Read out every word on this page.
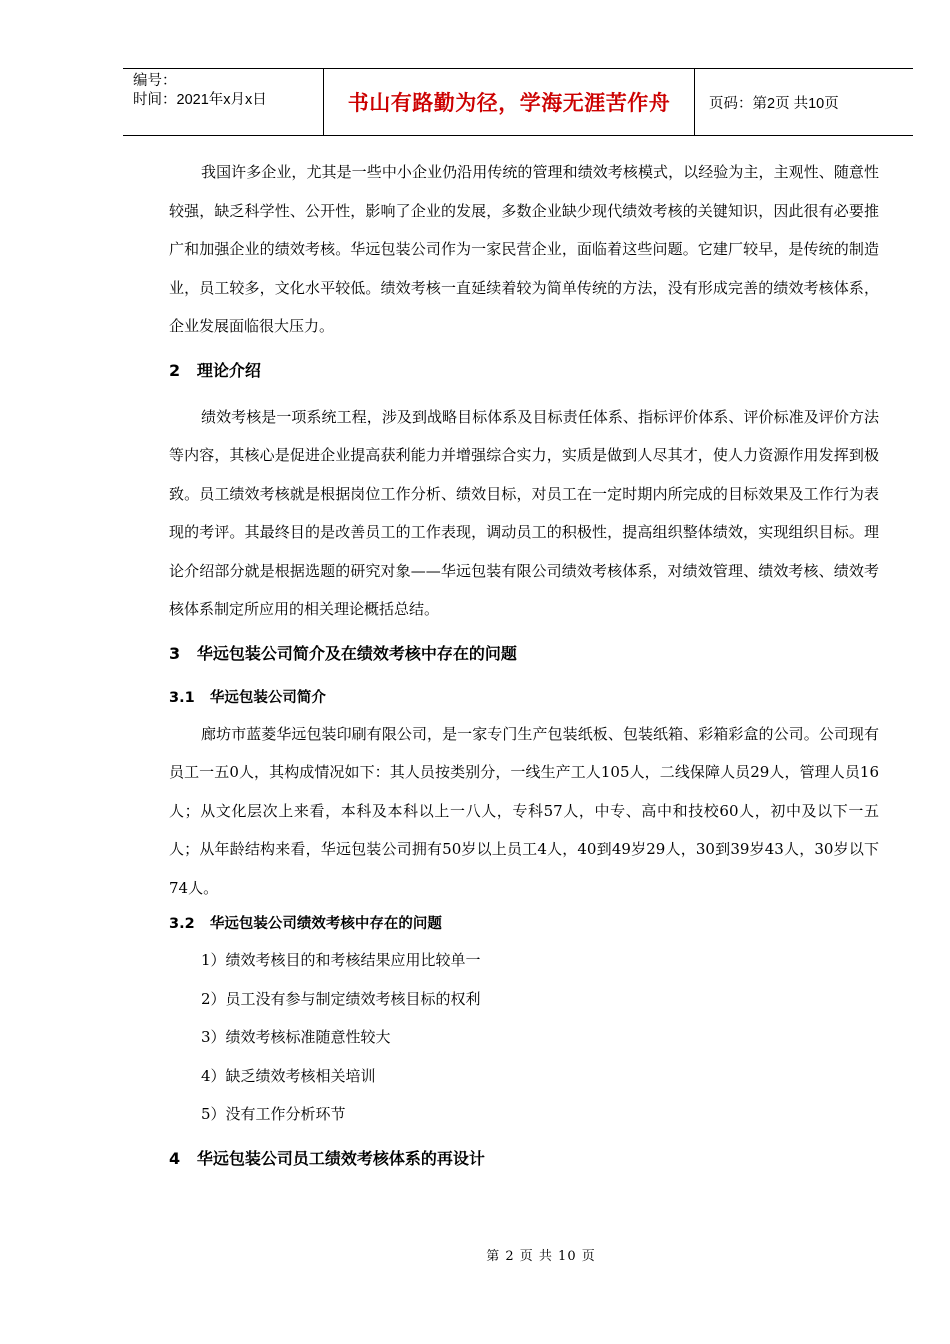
编号：
时间：2021年x月x日	书山有路勤为径，学海无涯苦作舟	页码：第2页 共10页

我国许多企业，尤其是一些中小企业仍沿用传统的管理和绩效考核模式，以经验为主，主观性、随意性较强，缺乏科学性、公开性，影响了企业的发展，多数企业缺少现代绩效考核的关键知识，因此很有必要推广和加强企业的绩效考核。华远包装公司作为一家民营企业，面临着这些问题。它建厂较早，是传统的制造业，员工较多，文化水平较低。绩效考核一直延续着较为简单传统的方法，没有形成完善的绩效考核体系，企业发展面临很大压力。

2   理论介绍

绩效考核是一项系统工程，涉及到战略目标体系及目标责任体系、指标评价体系、评价标准及评价方法等内容，其核心是促进企业提高获利能力并增强综合实力，实质是做到人尽其才，使人力资源作用发挥到极致。员工绩效考核就是根据岗位工作分析、绩效目标，对员工在一定时期内所完成的目标效果及工作行为表现的考评。其最终目的是改善员工的工作表现，调动员工的积极性，提高组织整体绩效，实现组织目标。理论介绍部分就是根据选题的研究对象——华远包装有限公司绩效考核体系，对绩效管理、绩效考核、绩效考核体系制定所应用的相关理论概括总结。

3   华远包装公司简介及在绩效考核中存在的问题
3.1   华远包装公司简介

廊坊市蓝菱华远包装印刷有限公司，是一家专门生产包装纸板、包装纸箱、彩箱彩盒的公司。公司现有员工一五0人，其构成情况如下：其人员按类别分，一线生产工人105人，二线保障人员29人，管理人员16人；从文化层次上来看，本科及本科以上一八人，专科57人，中专、高中和技校60人，初中及以下一五人；从年龄结构来看，华远包装公司拥有50岁以上员工4人，40到49岁29人，30到39岁43人，30岁以下74人。

3.2   华远包装公司绩效考核中存在的问题
1）绩效考核目的和考核结果应用比较单一
2）员工没有参与制定绩效考核目标的权利
3）绩效考核标准随意性较大
4）缺乏绩效考核相关培训
5）没有工作分析环节
4   华远包装公司员工绩效考核体系的再设计
第 2 页 共 10 页
